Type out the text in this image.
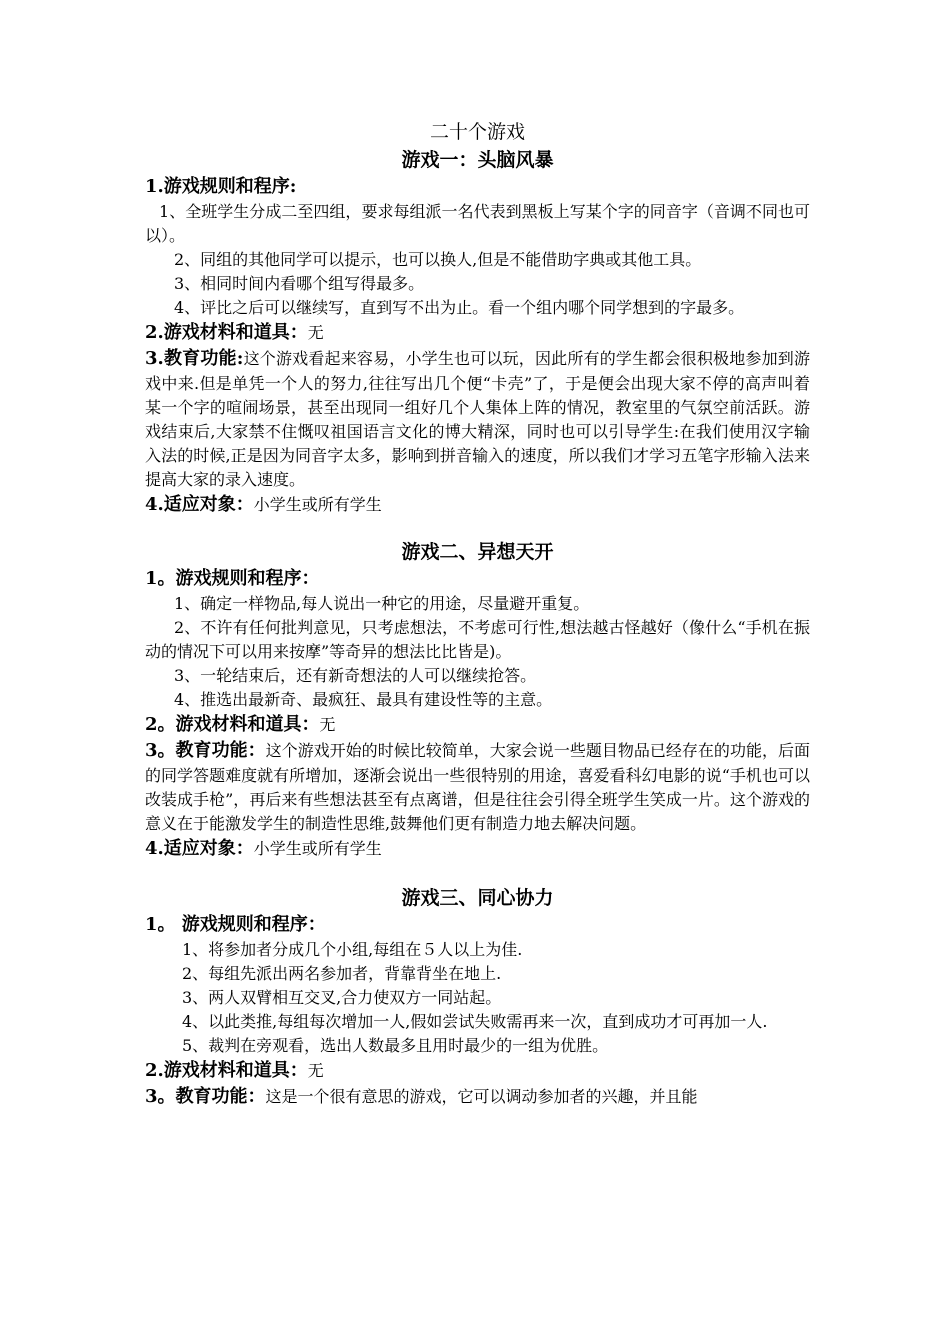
二十个游戏
游戏一：头脑风暴
1.游戏规则和程序:
1、全班学生分成二至四组，要求每组派一名代表到黑板上写某个字的同音字（音调不同也可以）。
2、同组的其他同学可以提示，也可以换人,但是不能借助字典或其他工具。
3、相同时间内看哪个组写得最多。
4、评比之后可以继续写，直到写不出为止。看一个组内哪个同学想到的字最多。
2.游戏材料和道具：无
3.教育功能:这个游戏看起来容易，小学生也可以玩，因此所有的学生都会很积极地参加到游戏中来.但是单凭一个人的努力,往往写出几个便“卡壳”了，于是便会出现大家不停的高声叫着某一个字的喧闹场景，甚至出现同一组好几个人集体上阵的情况，教室里的气氛空前活跃。游戏结束后,大家禁不住慨叹祖国语言文化的博大精深，同时也可以引导学生:在我们使用汉字输入法的时候,正是因为同音字太多，影响到拼音输入的速度，所以我们才学习五笔字形输入法来提高大家的录入速度。
4.适应对象：小学生或所有学生
游戏二、异想天开
1。游戏规则和程序：
1、确定一样物品,每人说出一种它的用途，尽量避开重复。
2、不许有任何批判意见，只考虑想法，不考虑可行性,想法越古怪越好（像什么“手机在振动的情况下可以用来按摩”等奇异的想法比比皆是)。
3、一轮结束后，还有新奇想法的人可以继续抢答。
4、推选出最新奇、最疯狂、最具有建设性等的主意。
2。游戏材料和道具：无
3。教育功能：这个游戏开始的时候比较简单，大家会说一些题目物品已经存在的功能，后面的同学答题难度就有所增加，逐渐会说出一些很特别的用途，喜爱看科幻电影的说“手机也可以改装成手枪”，再后来有些想法甚至有点离谱，但是往往会引得全班学生笑成一片。这个游戏的意义在于能激发学生的制造性思维,鼓舞他们更有制造力地去解决问题。
4.适应对象：小学生或所有学生
游戏三、同心协力
1。 游戏规则和程序：
1、将参加者分成几个小组,每组在５人以上为佳.
2、每组先派出两名参加者，背靠背坐在地上.
3、两人双臂相互交叉,合力使双方一同站起。
4、以此类推,每组每次增加一人,假如尝试失败需再来一次，直到成功才可再加一人.
5、裁判在旁观看，选出人数最多且用时最少的一组为优胜。
2.游戏材料和道具：无
3。教育功能：这是一个很有意思的游戏，它可以调动参加者的兴趣，并且能
